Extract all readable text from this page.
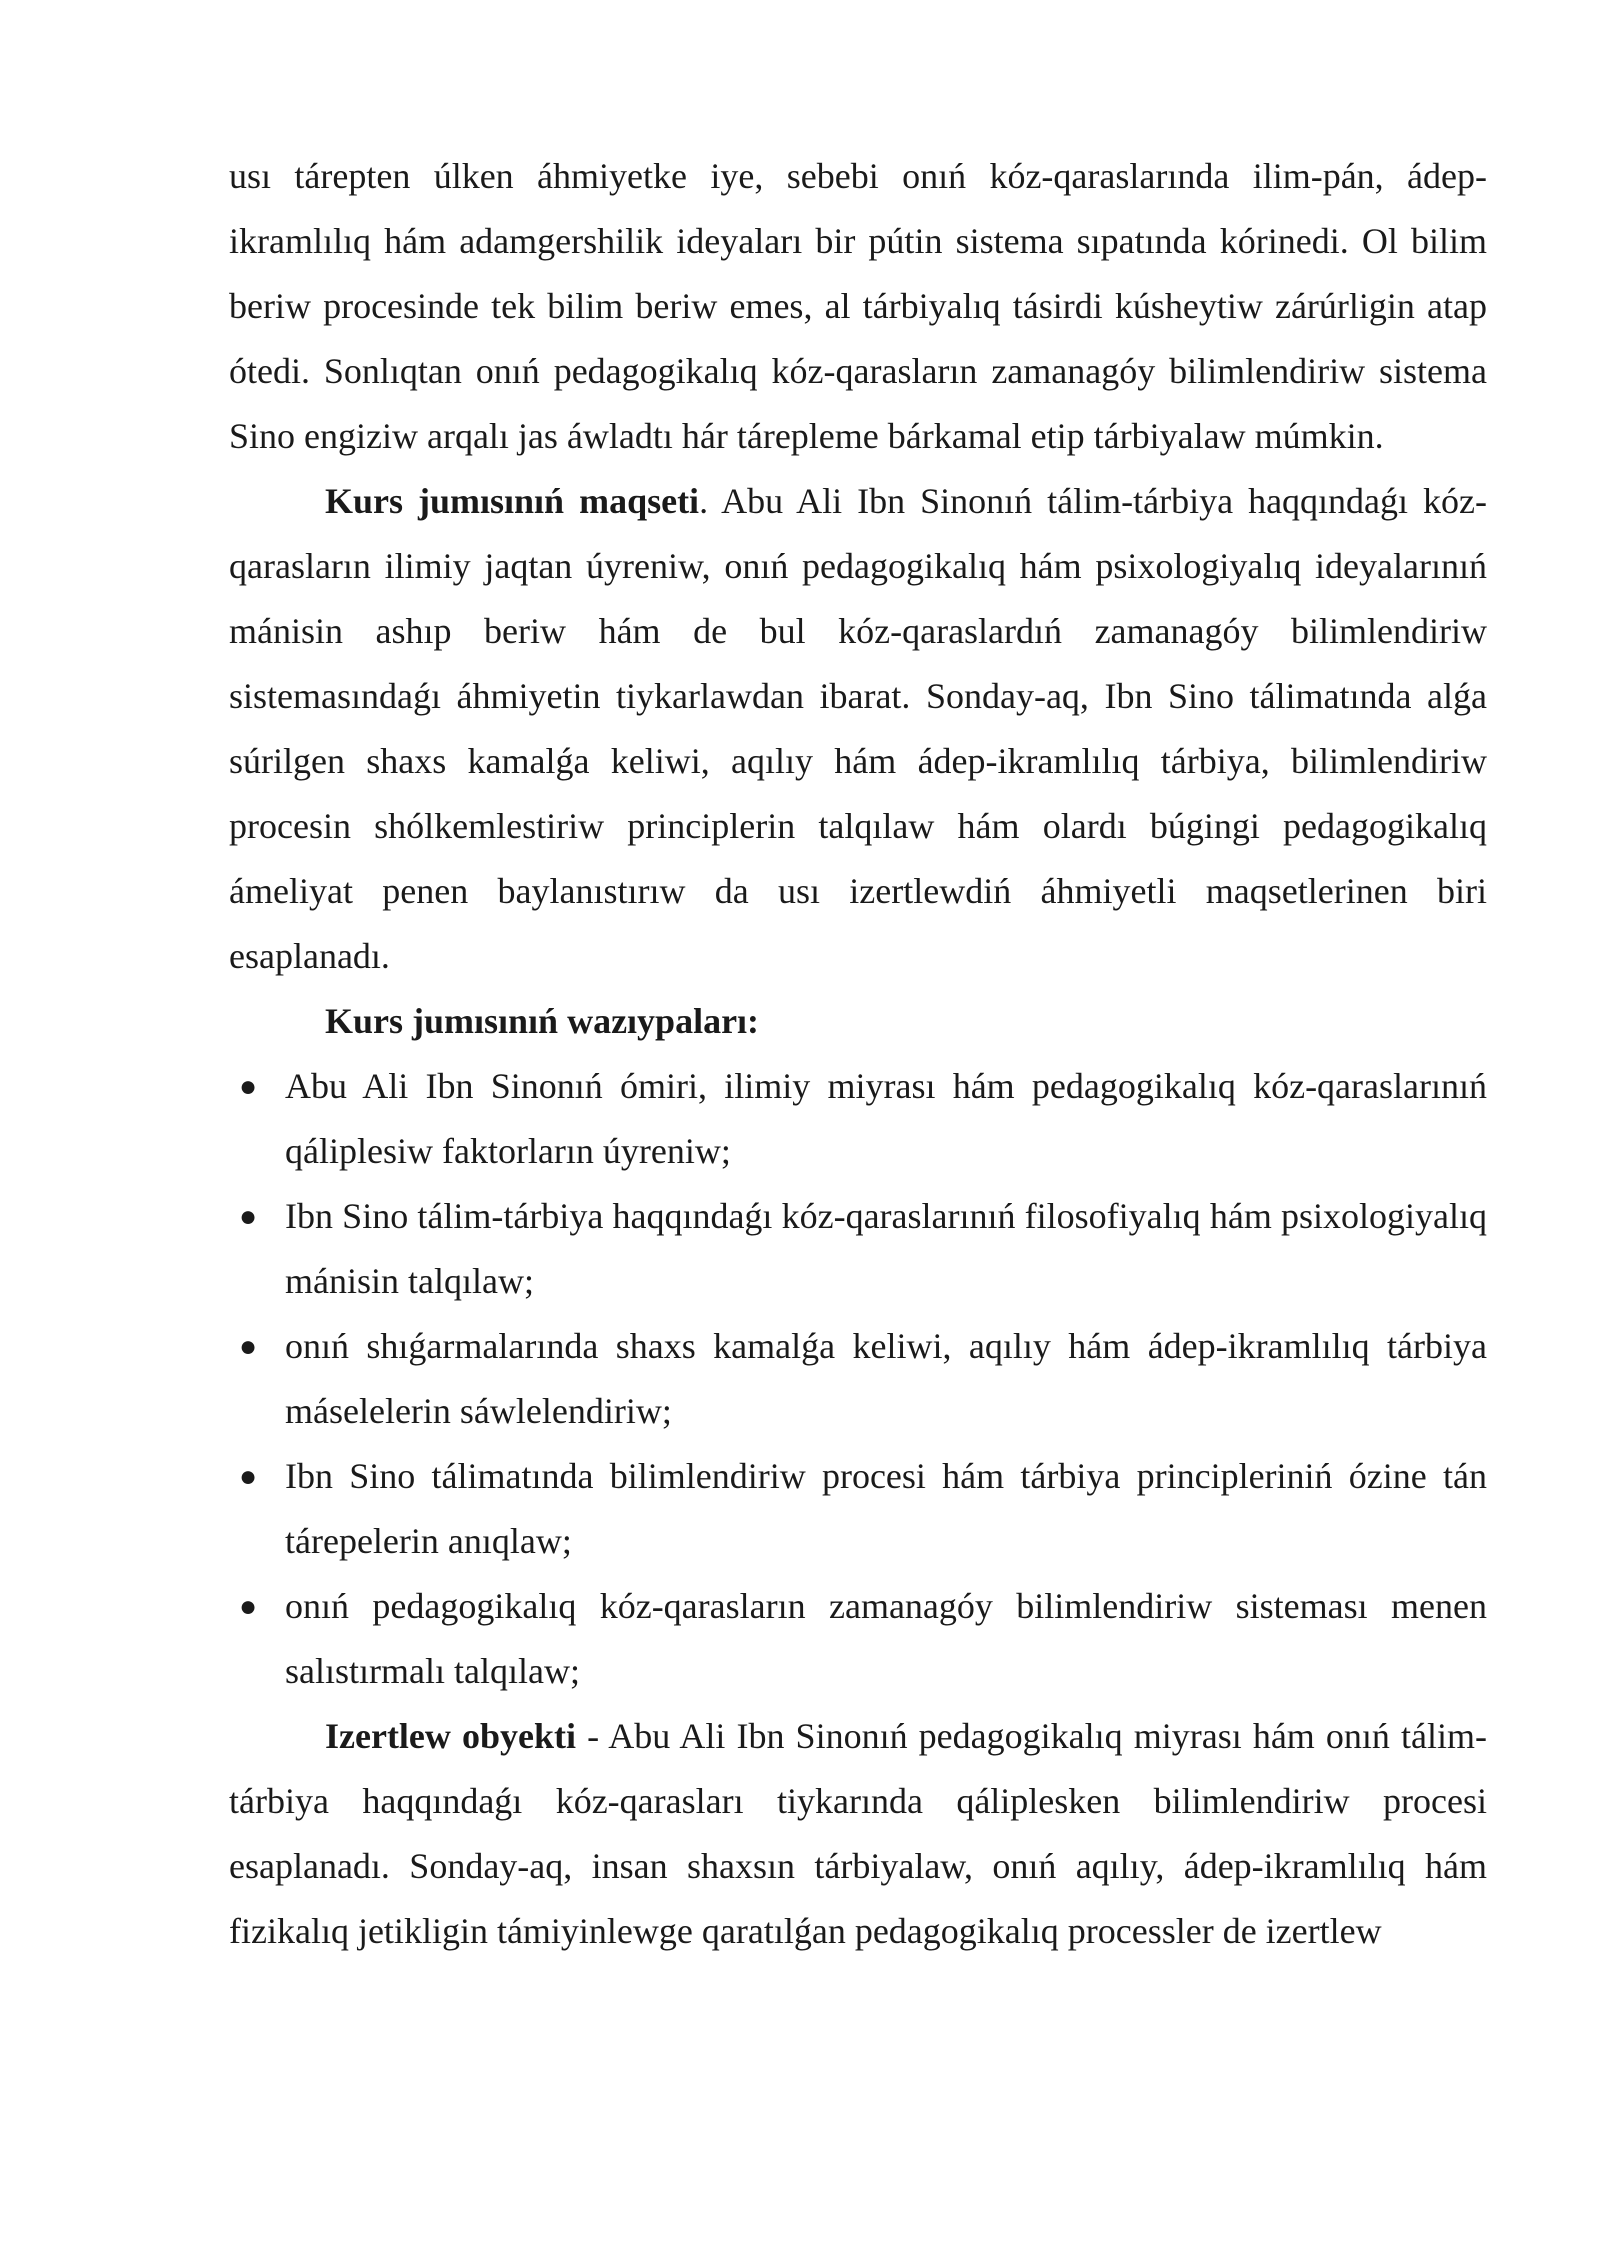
usı tárepten úlken áhmiyetke iye, sebebi onıń kóz-qaraslarında ilim-pán, ádep-ikramlılıq hám adamgershilik ideyaları bir pútin sistema sıpatında kórinedi. Ol bilim beriw procesinde tek bilim beriw emes, al tárbiyalıq tásirdi kúsheytiw zárúrligin atap ótedi. Sonlıqtan onıń pedagogikalıq kóz-qarasların zamanagóy bilimlendiriw sistema Sino engiziw arqalı jas áwladtı hár tárepleme bárkamal etip tárbiyalaw múmkin.

Kurs jumısınıń maqseti. Abu Ali Ibn Sinonıń tálim-tárbiya haqqındaǵı kóz-qarasların ilimiy jaqtan úyreniw, onıń pedagogikalıq hám psixologiyalıq ideyalarınıń mánisin ashıp beriw hám de bul kóz-qaraslardıń zamanagóy bilimlendiriw sistemasındaǵı áhmiyetin tiykarlawdan ibarat. Sonday-aq, Ibn Sino tálimatında alǵa súrilgen shaxs kamalǵa keliwi, aqılıy hám ádep-ikramlılıq tárbiya, bilimlendiriw procesin shólkemlestiriw principlerin talqılaw hám olardı búgingi pedagogikalıq ámeliyat penen baylanıstırıw da usı izertlewdiń áhmiyetli maqsetlerinen biri esaplanadı.

Kurs jumısınıń wazıypaları:

● Abu Ali Ibn Sinonıń ómiri, ilimiy miyrası hám pedagogikalıq kóz-qaraslarınıń qáliplesiw faktorların úyreniw;
● Ibn Sino tálim-tárbiya haqqındaǵı kóz-qaraslarınıń filosofiyalıq hám psixologiyalıq mánisin talqılaw;
● onıń shıǵarmalarında shaxs kamalǵa keliwi, aqılıy hám ádep-ikramlılıq tárbiya máselelerin sáwlelendiriw;
● Ibn Sino tálimatında bilimlendiriw procesi hám tárbiya principleriniń ózine tán tárepelerin anıqlaw;
● onıń pedagogikalıq kóz-qarasların zamanagóy bilimlendiriw sisteması menen salıstırmalı talqılaw;

Izertlew obyekti - Abu Ali Ibn Sinonıń pedagogikalıq miyrası hám onıń tálim-tárbiya haqqındaǵı kóz-qarasları tiykarında qáliplesken bilimlendiriw procesi esaplanadı. Sonday-aq, insan shaxsın tárbiyalaw, onıń aqılıy, ádep-ikramlılıq hám fizikalıq jetikligin támiyinlewge qaratılǵan pedagogikalıq processler de izertlew
